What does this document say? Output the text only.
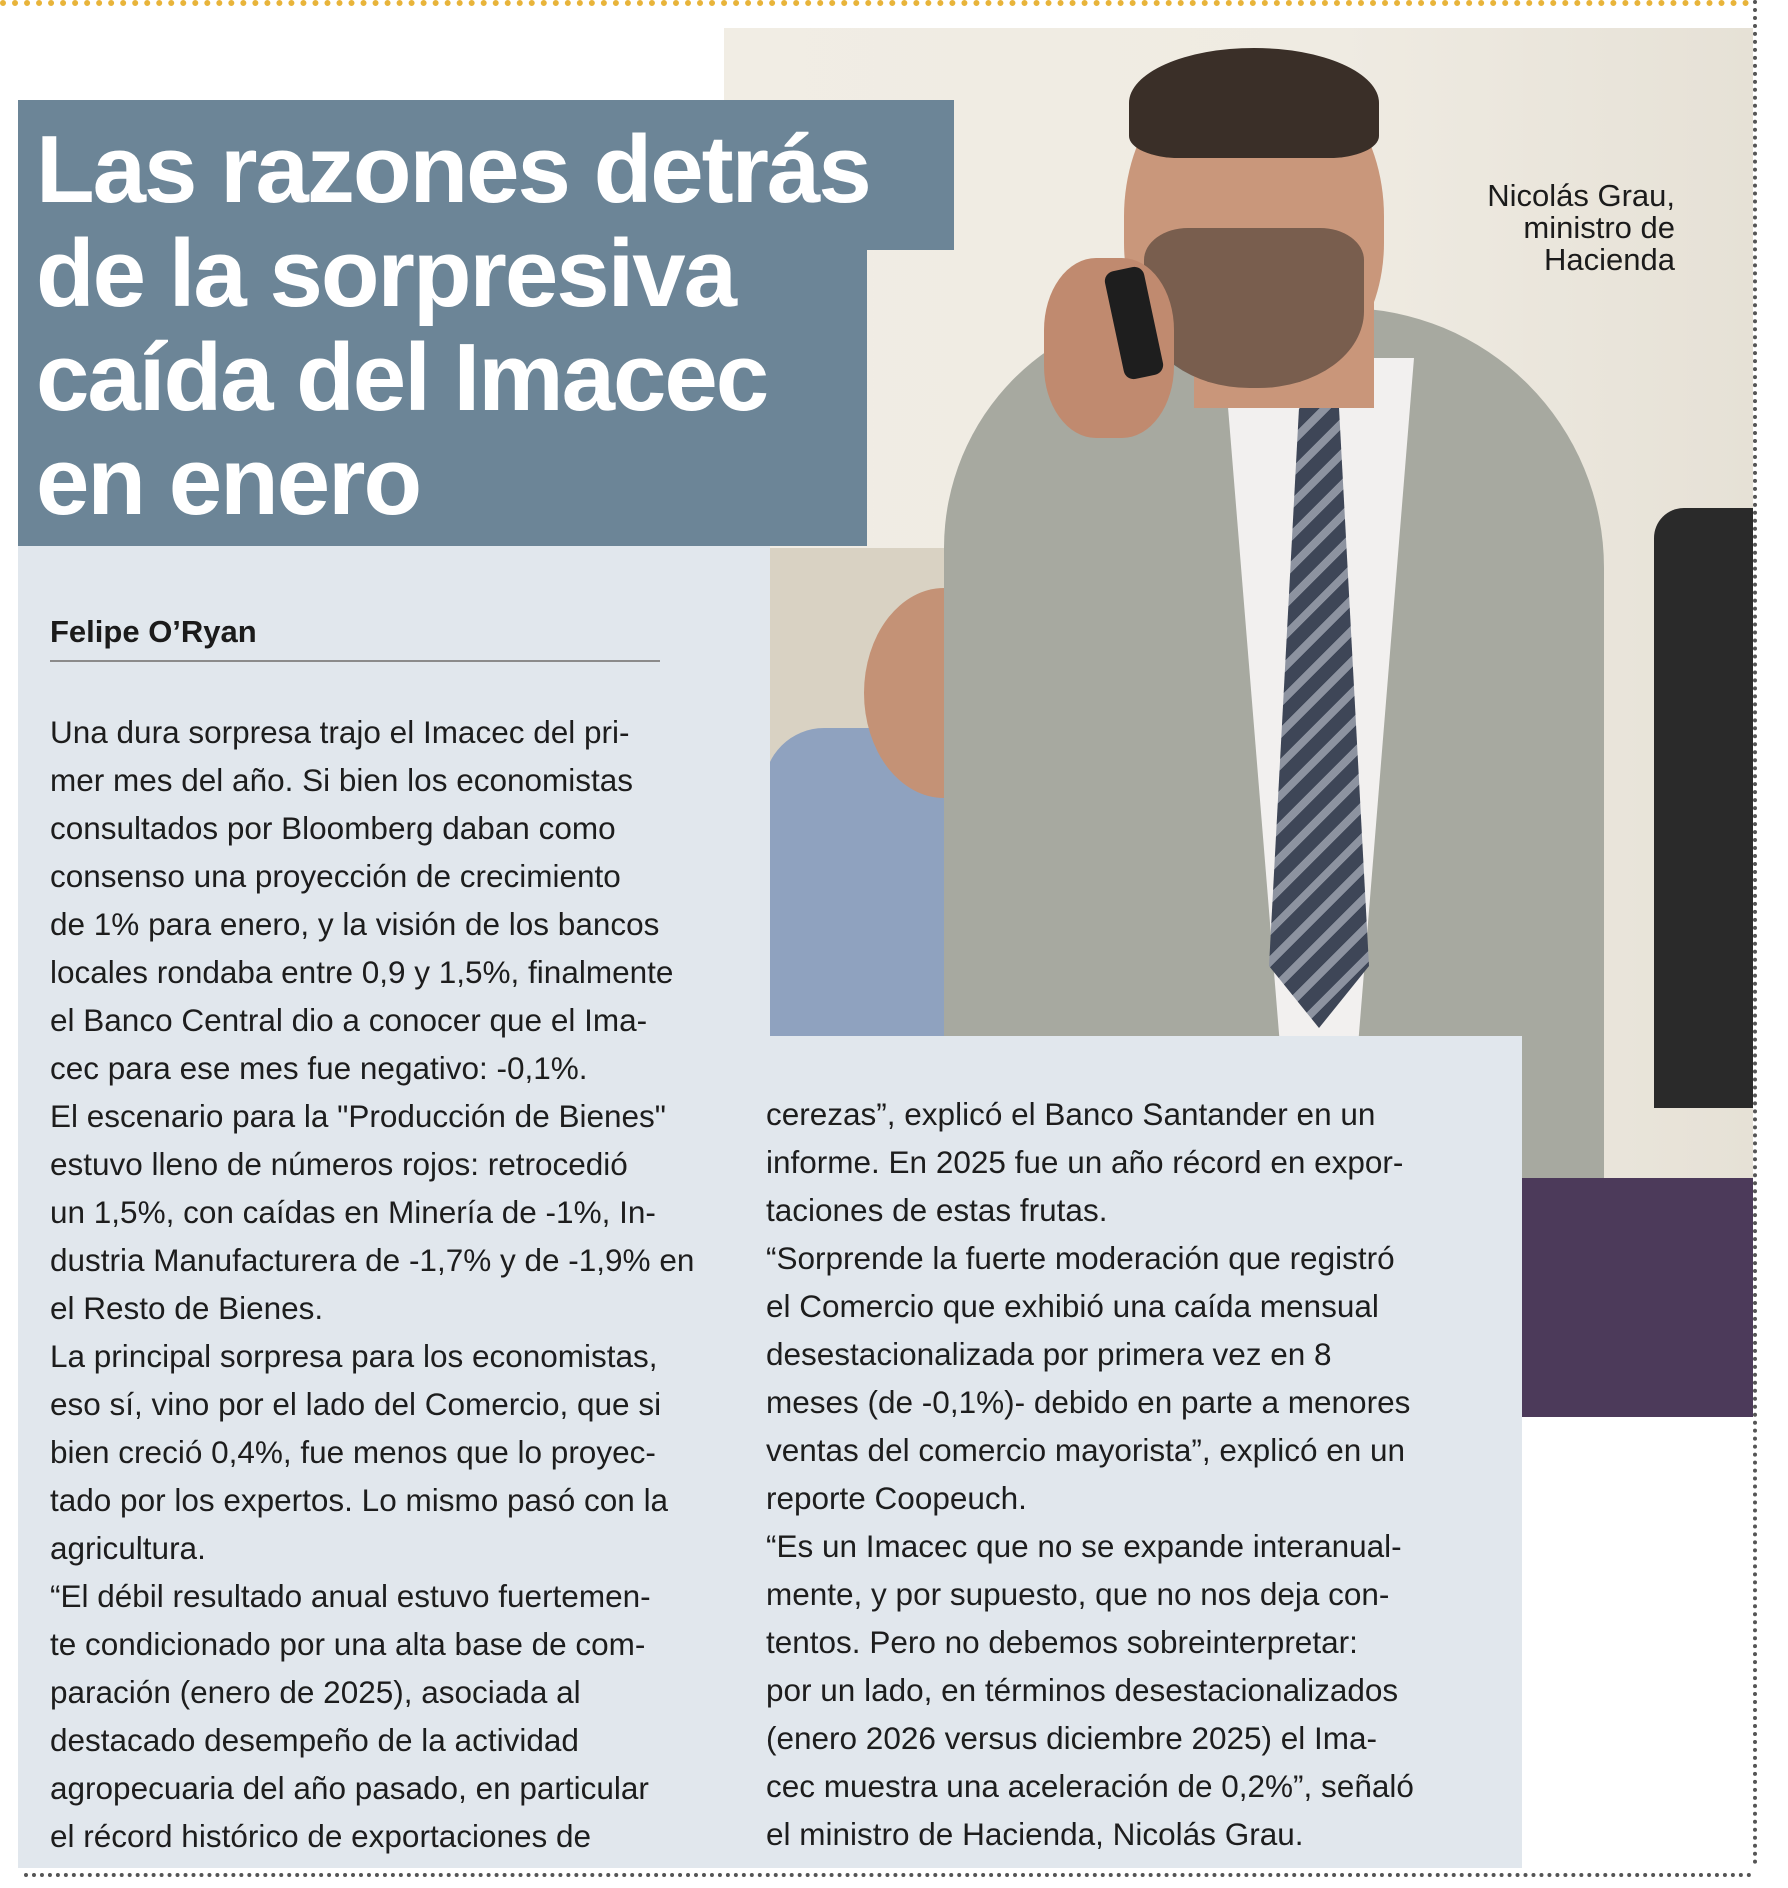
Nicolás Grau,

ministro de

Hacienda

Las razones detrás
de la sorpresiva
caída del Imacec
en enero

Felipe O’Ryan

Una dura sorpresa trajo el Imacec del pri-

mer mes del año. Si bien los economistas

consultados por Bloomberg daban como

consenso una proyección de crecimiento

de 1% para enero, y la visión de los bancos

locales rondaba entre 0,9 y 1,5%, finalmente

el Banco Central dio a conocer que el Ima-

cec para ese mes fue negativo: -0,1%.

El escenario para la "Producción de Bienes"

estuvo lleno de números rojos: retrocedió

un 1,5%, con caídas en Minería de -1%, In-

dustria Manufacturera de -1,7% y de -1,9% en

el Resto de Bienes.

La principal sorpresa para los economistas,

eso sí, vino por el lado del Comercio, que si

bien creció 0,4%, fue menos que lo proyec-

tado por los expertos. Lo mismo pasó con la

agricultura.

“El débil resultado anual estuvo fuertemen-

te condicionado por una alta base de com-

paración (enero de 2025), asociada al

destacado desempeño de la actividad

agropecuaria del año pasado, en particular

el récord histórico de exportaciones de

cerezas”, explicó el Banco Santander en un

informe. En 2025 fue un año récord en expor-

taciones de estas frutas.

“Sorprende la fuerte moderación que registró

el Comercio que exhibió una caída mensual

desestacionalizada por primera vez en 8

meses (de -0,1%)- debido en parte a menores

ventas del comercio mayorista”, explicó en un

reporte Coopeuch.

“Es un Imacec que no se expande interanual-

mente, y por supuesto, que no nos deja con-

tentos. Pero no debemos sobreinterpretar:

por un lado, en términos desestacionalizados

(enero 2026 versus diciembre 2025) el Ima-

cec muestra una aceleración de 0,2%”, señaló

el ministro de Hacienda, Nicolás Grau.
